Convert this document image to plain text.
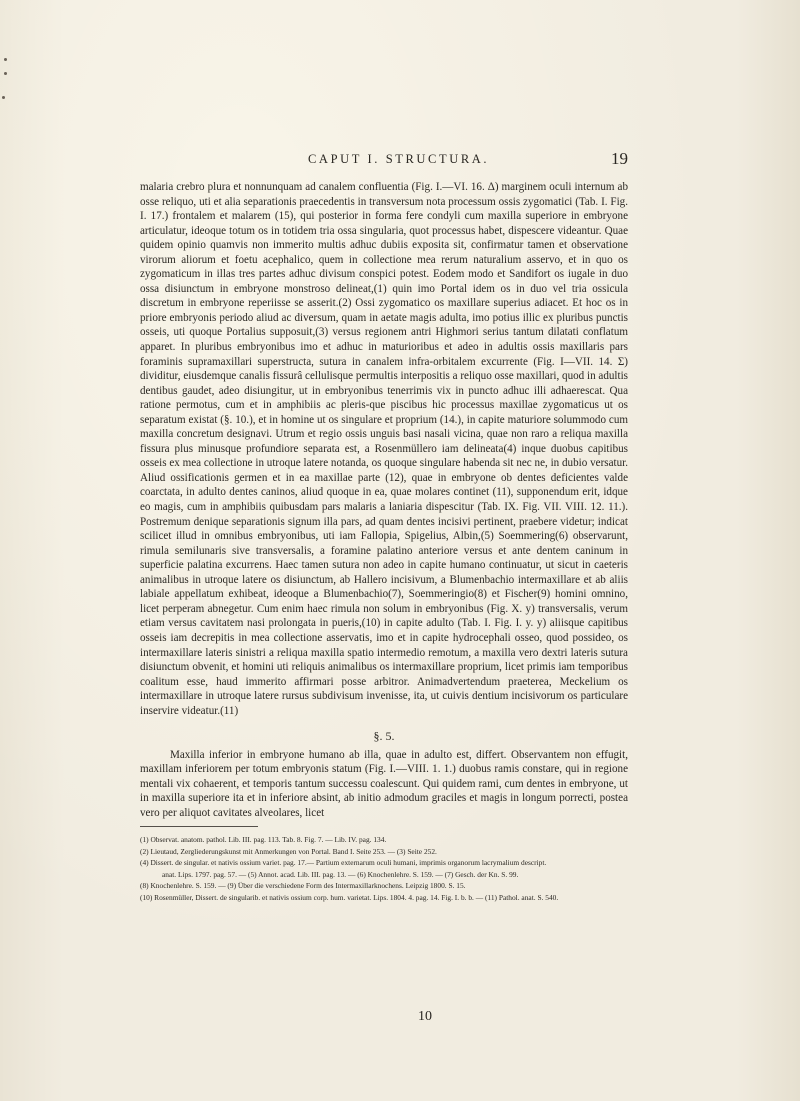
CAPUT I. STRUCTURA.	19

malaria crebro plura et nonnunquam ad canalem confluentia (Fig. I.—VI. 16. Δ) marginem oculi internum ab osse reliquo, uti et alia separationis praecedentis in transversum nota processum ossis zygomatici (Tab. I. Fig. I. 17.) frontalem et malarem (15), qui posterior in forma fere condyli cum maxilla superiore in embryone articulatur, ideoque totum os in totidem tria ossa singularia, quot processus habet, dispescere videantur. Quae quidem opinio quamvis non immerito multis adhuc dubiis exposita sit, confirmatur tamen et observatione virorum aliorum et foetu acephalico, quem in collectione mea rerum naturalium asservo, et in quo os zygomaticum in illas tres partes adhuc divisum conspici potest. Eodem modo et Sandifort os iugale in duo ossa disiunctum in embryone monstroso delineat,(1) quin imo Portal idem os in duo vel tria ossicula discretum in embryone reperiisse se asserit.(2) Ossi zygomatico os maxillare superius adiacet. Et hoc os in priore embryonis periodo aliud ac diversum, quam in aetate magis adulta, imo potius illic ex pluribus punctis osseis, uti quoque Portalius supposuit,(3) versus regionem antri Highmori serius tantum dilatati conflatum apparet. In pluribus embryonibus imo et adhuc in maturioribus et adeo in adultis ossis maxillaris pars foraminis supramaxillari superstructa, sutura in canalem infra-orbitalem excurrente (Fig. I—VII. 14. Σ) dividitur, eiusdemque canalis fissurâ cellulisque permultis interpositis a reliquo osse maxillari, quod in adultis dentibus gaudet, adeo disiungitur, ut in embryonibus tenerrimis vix in puncto adhuc illi adhaerescat. Qua ratione permotus, cum et in amphibiis ac pleris-que piscibus hic processus maxillae zygomaticus ut os separatum existat (§. 10.), et in homine ut os singulare et proprium (14.), in capite maturiore solummodo cum maxilla concretum designavi. Utrum et regio ossis unguis basi nasali vicina, quae non raro a reliqua maxilla fissura plus minusque profundiore separata est, a Rosenmüllero iam delineata(4) inque duobus capitibus osseis ex mea collectione in utroque latere notanda, os quoque singulare habenda sit nec ne, in dubio versatur. Aliud ossificationis germen et in ea maxillae parte (12), quae in embryone ob dentes deficientes valde coarctata, in adulto dentes caninos, aliud quoque in ea, quae molares continet (11), supponendum erit, idque eo magis, cum in amphibiis quibusdam pars malaris a laniaria dispescitur (Tab. IX. Fig. VII. VIII. 12. 11.). Postremum denique separationis signum illa pars, ad quam dentes incisivi pertinent, praebere videtur; indicat scilicet illud in omnibus embryonibus, uti iam Fallopia, Spigelius, Albin,(5) Soemmering(6) observarunt, rimula semilunaris sive transversalis, a foramine palatino anteriore versus et ante dentem caninum in superficie palatina excurrens. Haec tamen sutura non adeo in capite humano continuatur, ut sicut in caeteris animalibus in utroque latere os disiunctum, ab Hallero incisivum, a Blumenbachio intermaxillare et ab aliis labiale appellatum exhibeat, ideoque a Blumenbachio(7), Soemmeringio(8) et Fischer(9) homini omnino, licet perperam abnegetur. Cum enim haec rimula non solum in embryonibus (Fig. X. y) transversalis, verum etiam versus cavitatem nasi prolongata in pueris,(10) in capite adulto (Tab. I. Fig. I. y. y) aliisque capitibus osseis iam decrepitis in mea collectione asservatis, imo et in capite hydrocephali osseo, quod possideo, os intermaxillare lateris sinistri a reliqua maxilla spatio intermedio remotum, a maxilla vero dextri lateris sutura disiunctum obvenit, et homini uti reliquis animalibus os intermaxillare proprium, licet primis iam temporibus coalitum esse, haud immerito affirmari posse arbitror. Animadvertendum praeterea, Meckelium os intermaxillare in utroque latere rursus subdivisum invenisse, ita, ut cuivis dentium incisivorum os particulare inservire videatur.(11)

§. 5.

Maxilla inferior in embryone humano ab illa, quae in adulto est, differt. Observantem non effugit, maxillam inferiorem per totum embryonis statum (Fig. I.—VIII. 1. 1.) duobus ramis constare, qui in regione mentali vix cohaerent, et temporis tantum successu coalescunt. Qui quidem rami, cum dentes in embryone, ut in maxilla superiore ita et in inferiore absint, ab initio admodum graciles et magis in longum porrecti, postea vero per aliquot cavitates alveolares, licet

(1) Observat. anatom. pathol. Lib. III. pag. 113. Tab. 8. Fig. 7. — Lib. IV. pag. 134.
(2) Lieutaud, Zergliederungskunst mit Anmerkungen von Portal. Band I. Seite 253. — (3) Seite 252.
(4) Dissert. de singular. et nativis ossium variet. pag. 17.— Partium externarum oculi humani, imprimis organorum lacrymalium descript.
anat. Lips. 1797. pag. 57. — (5) Annot. acad. Lib. III. pag. 13. — (6) Knochenlehre. S. 159. — (7) Gesch. der Kn. S. 99.
(8) Knochenlehre. S. 159. — (9) Über die verschiedene Form des Intermaxillarknochens. Leipzig 1800. S. 15.
(10) Rosenmüller, Dissert. de singularib. et nativis ossium corp. hum. varietat. Lips. 1804. 4. pag. 14. Fig. I. b. b. — (11) Pathol. anat. S. 540.
10
